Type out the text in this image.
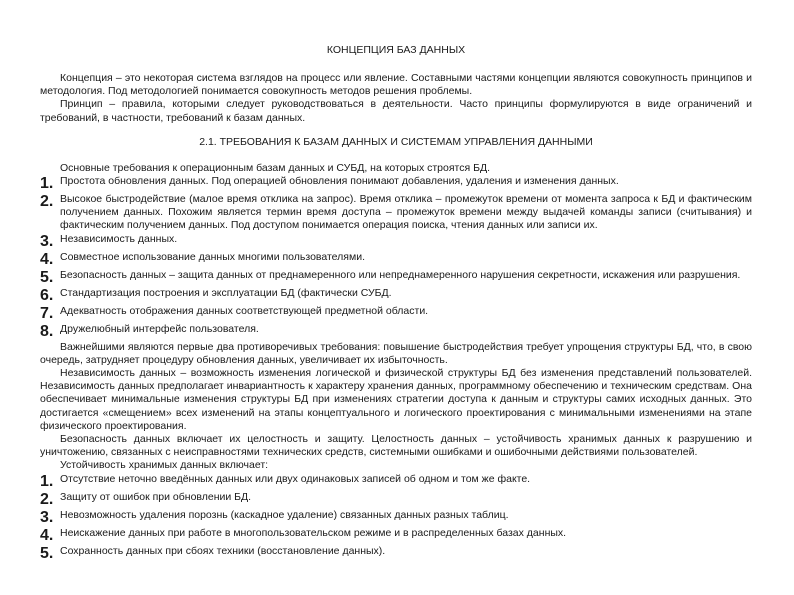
КОНЦЕПЦИЯ БАЗ ДАННЫХ

Концепция – это некоторая система взглядов на процесс или явление. Составными частями концепции являются совокупность принципов и методология. Под методологией понимается совокупность методов решения проблемы.

Принцип – правила, которыми следует руководствоваться в деятельности. Часто принципы формулируются в виде ограничений и требований, в частности, требований к базам данных.

2.1. ТРЕБОВАНИЯ К БАЗАМ ДАННЫХ И СИСТЕМАМ УПРАВЛЕНИЯ ДАННЫМИ

Основные требования к операционным базам данных и СУБД, на которых строятся БД.

1. Простота обновления данных. Под операцией обновления понимают добавления, удаления и изменения данных.

2. Высокое быстродействие (малое время отклика на запрос). Время отклика – промежуток времени от момента запроса к БД и фактическим получением данных. Похожим является термин время доступа – промежуток времени между выдачей команды записи (считывания) и фактическим получением данных. Под доступом понимается операция поиска, чтения данных или записи их.

3. Независимость данных.

4. Совместное использование данных многими пользователями.

5. Безопасность данных – защита данных от преднамеренного или непреднамеренного нарушения секретности, искажения или разрушения.

6. Стандартизация построения и эксплуатации БД (фактически СУБД.

7. Адекватность отображения данных соответствующей предметной области.

8. Дружелюбный интерфейс пользователя.

Важнейшими являются первые два противоречивых требования: повышение быстродействия требует упрощения структуры БД, что, в свою очередь, затрудняет процедуру обновления данных, увеличивает их избыточность.

Независимость данных – возможность изменения логической и физической структуры БД без изменения представлений пользователей. Независимость данных предполагает инвариантность к характеру хранения данных, программному обеспечению и техническим средствам. Она обеспечивает минимальные изменения структуры БД при изменениях стратегии доступа к данным и структуры самих исходных данных. Это достигается «смещением» всех изменений на этапы концептуального и логического проектирования с минимальными изменениями на этапе физического проектирования.

Безопасность данных включает их целостность и защиту. Целостность данных – устойчивость хранимых данных к разрушению и уничтожению, связанных с неисправностями технических средств, системными ошибками и ошибочными действиями пользователей.

Устойчивость хранимых данных включает:

1. Отсутствие неточно введённых данных или двух одинаковых записей об одном и том же факте.

2. Защиту от ошибок при обновлении БД.

3. Невозможность удаления порознь (каскадное удаление) связанных данных разных таблиц.

4. Неискажение данных при работе в многопользовательском режиме и в распределенных базах данных.

5. Сохранность данных при сбоях техники (восстановление данных).
